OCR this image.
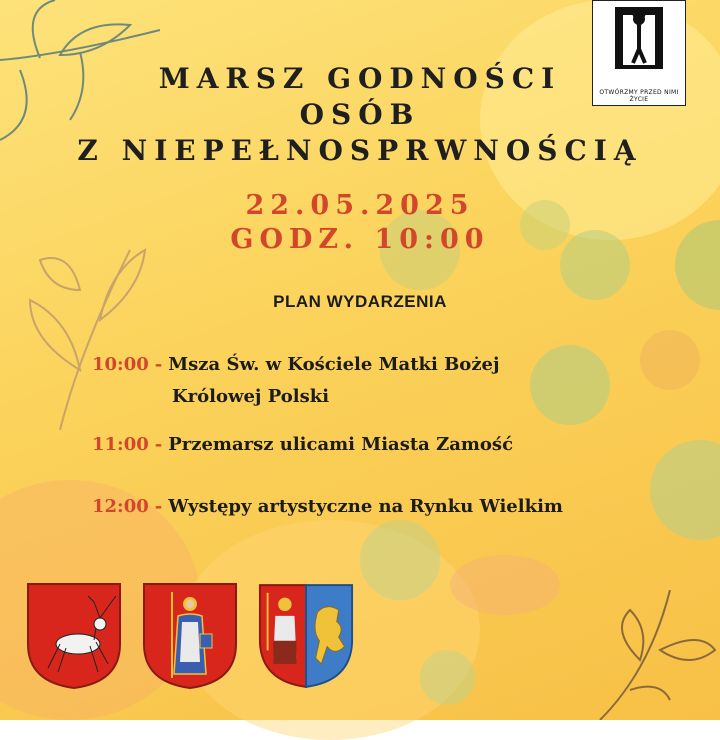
OTWÓRZMY PRZED NIMI ŻYCIE
MARSZ GODNOŚCI
OSÓB
Z NIEPEŁNOSPRWNOŚCIĄ
22.05.2025
GODZ. 10:00
PLAN WYDARZENIA
10:00 - Msza Św. w Kościele Matki Bożej
Królowej Polski
11:00 - Przemarsz ulicami Miasta Zamość
12:00 - Występy artystyczne na Rynku Wielkim
